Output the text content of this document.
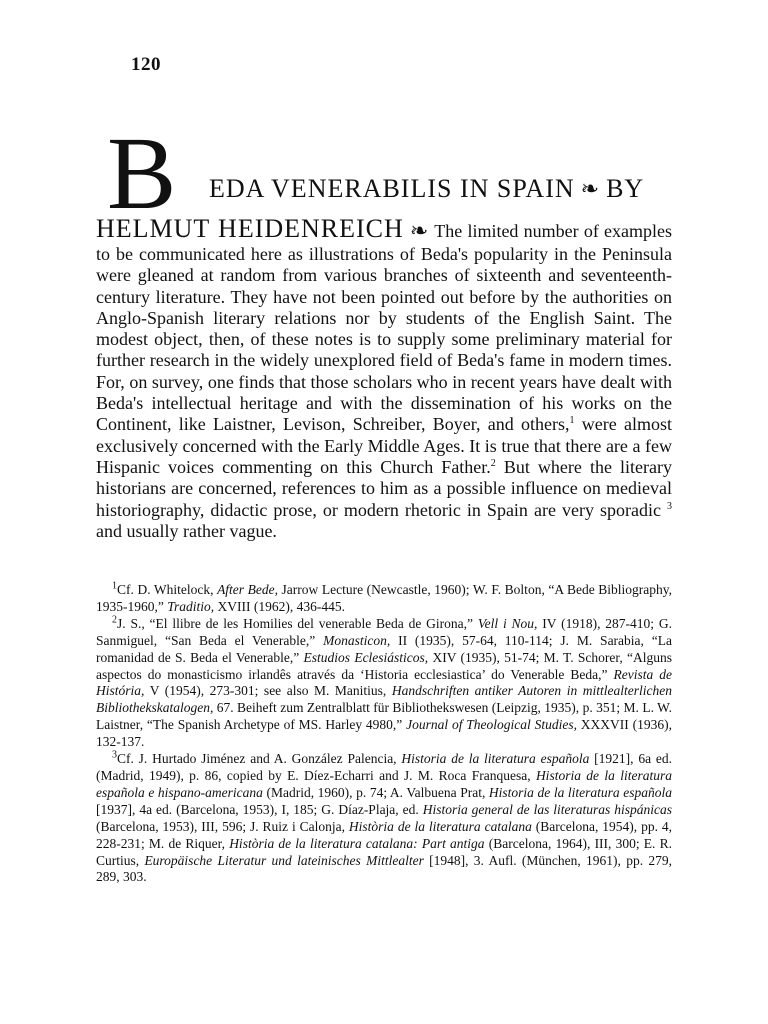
120
B EDA VENERABILIS IN SPAIN ❧ BY

HELMUT HEIDENREICH ❧ The limited number of examples to be communicated here as illustrations of Beda's popularity in the Peninsula were gleaned at random from various branches of sixteenth and seventeenth-century literature. They have not been pointed out before by the authorities on Anglo-Spanish literary relations nor by students of the English Saint. The modest object, then, of these notes is to supply some preliminary material for further research in the widely unexplored field of Beda's fame in modern times. For, on survey, one finds that those scholars who in recent years have dealt with Beda's intellectual heritage and with the dissemination of his works on the Continent, like Laistner, Levison, Schreiber, Boyer, and others,$^1$ were almost exclusively concerned with the Early Middle Ages. It is true that there are a few Hispanic voices commenting on this Church Father.$^2$ But where the literary historians are concerned, references to him as a possible influence on medieval historiography, didactic prose, or modern rhetoric in Spain are very sporadic $^3$ and usually rather vague.

$^1$Cf. D. Whitelock, After Bede, Jarrow Lecture (Newcastle, 1960); W. F. Bolton, “A Bede Bibliography, 1935-1960,” Traditio, XVIII (1962), 436-445.

$^2$J. S., “El llibre de les Homilies del venerable Beda de Girona,” Vell i Nou, IV (1918), 287-410; G. Sanmiguel, “San Beda el Venerable,” Monasticon, II (1935), 57-64, 110-114; J. M. Sarabia, “La romanidad de S. Beda el Venerable,” Estudios Eclesiásticos, XIV (1935), 51-74; M. T. Schorer, “Alguns aspectos do monasticismo irlandês através da ‘Historia ecclesiastica’ do Venerable Beda,” Revista de História, V (1954), 273-301; see also M. Manitius, Handschriften antiker Autoren in mittlealterlichen Bibliothekskatalogen, 67. Beiheft zum Zentralblatt für Bibliothekswesen (Leipzig, 1935), p. 351; M. L. W. Laistner, “The Spanish Archetype of MS. Harley 4980,” Journal of Theological Studies, XXXVII (1936), 132-137.

$^3$Cf. J. Hurtado Jiménez and A. González Palencia, Historia de la literatura española [1921], 6a ed. (Madrid, 1949), p. 86, copied by E. Díez-Echarri and J. M. Roca Franquesa, Historia de la literatura española e hispano-americana (Madrid, 1960), p. 74; A. Valbuena Prat, Historia de la literatura española [1937], 4a ed. (Barcelona, 1953), I, 185; G. Díaz-Plaja, ed. Historia general de las literaturas hispánicas (Barcelona, 1953), III, 596; J. Ruiz i Calonja, Història de la literatura catalana (Barcelona, 1954), pp. 4, 228-231; M. de Riquer, Història de la literatura catalana: Part antiga (Barcelona, 1964), III, 300; E. R. Curtius, Europäische Literatur und lateinisches Mittlealter [1948], 3. Aufl. (München, 1961), pp. 279, 289, 303.
